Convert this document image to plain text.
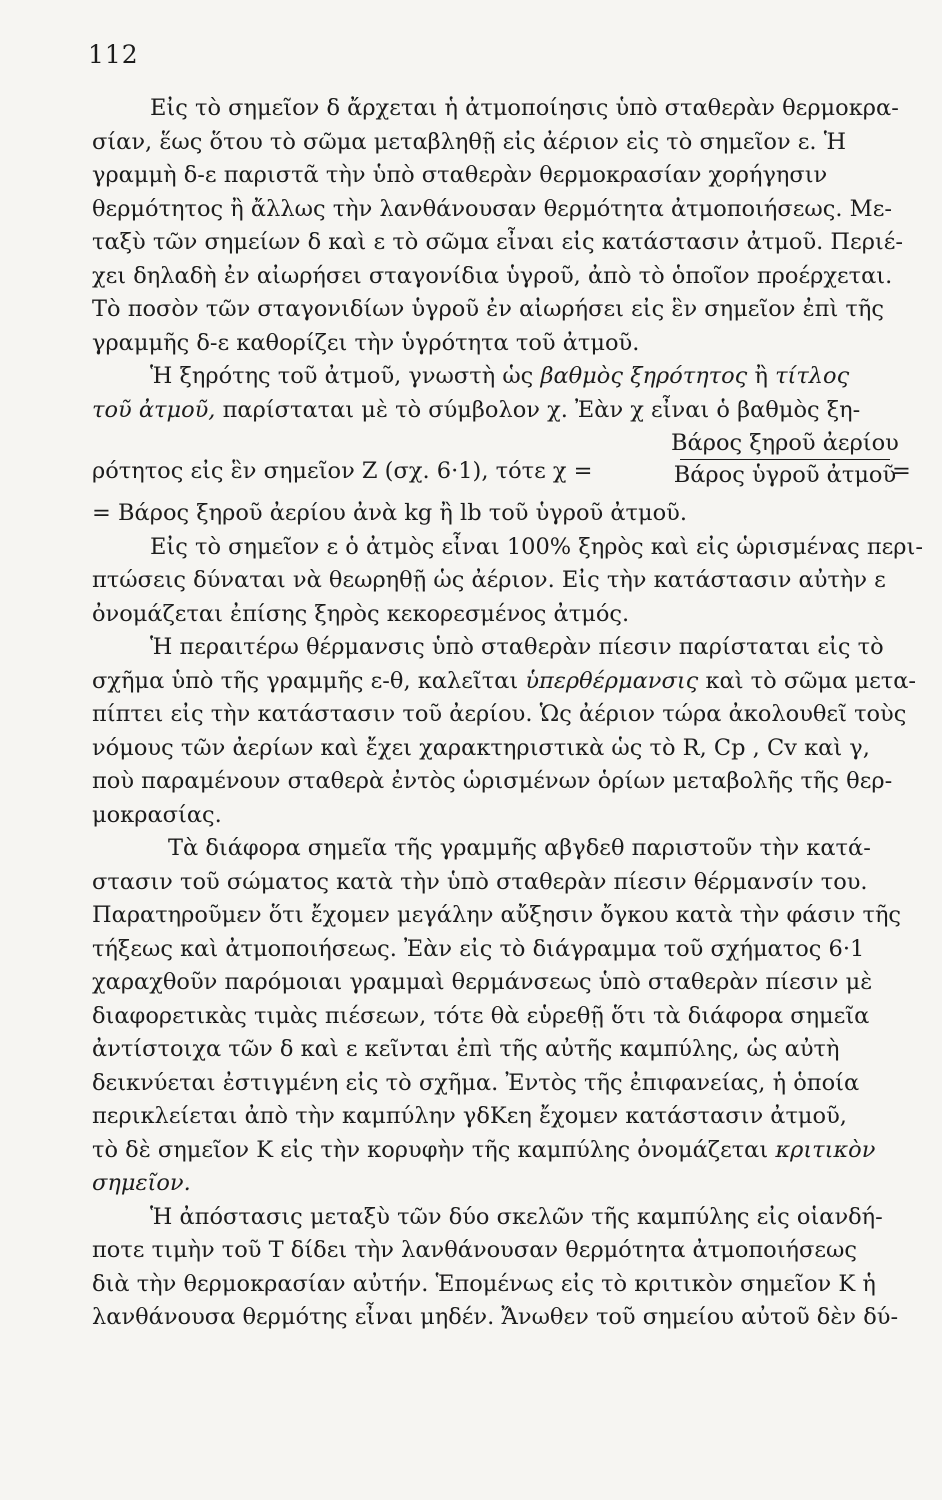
112
Εἰς τὸ σημεῖον δ ἄρχεται ἡ ἀτμοποίησις ὑπὸ σταθερὰν θερμοκρα-
σίαν, ἕως ὅτου τὸ σῶμα μεταβληθῇ εἰς ἀέριον εἰς τὸ σημεῖον ε. Ἡ
γραμμὴ δ-ε παριστᾶ τὴν ὑπὸ σταθερὰν θερμοκρασίαν χορήγησιν
θερμότητος ἢ ἄλλως τὴν λανθάνουσαν θερμότητα ἀτμοποιήσεως. Με-
ταξὺ τῶν σημείων δ καὶ ε τὸ σῶμα εἶναι εἰς κατάστασιν ἀτμοῦ. Περιέ-
χει δηλαδὴ ἐν αἰωρήσει σταγονίδια ὑγροῦ, ἀπὸ τὸ ὁποῖον προέρχεται.
Τὸ ποσὸν τῶν σταγονιδίων ὑγροῦ ἐν αἰωρήσει εἰς ἓν σημεῖον ἐπὶ τῆς
γραμμῆς δ-ε καθορίζει τὴν ὑγρότητα τοῦ ἀτμοῦ.
Ἡ ξηρότης τοῦ ἀτμοῦ, γνωστὴ ὡς βαθμὸς ξηρότητος ἢ τίτλος
τοῦ ἀτμοῦ, παρίσταται μὲ τὸ σύμβολον χ. Ἐὰν χ εἶναι ὁ βαθμὸς ξη-
ρότητος εἰς ἓν σημεῖον Ζ (σχ. 6·1), τότε χ =
Βάρος ξηροῦ ἀερίου
Βάρος ὑγροῦ ἀτμοῦ
=
= Βάρος ξηροῦ ἀερίου ἀνὰ kg ἢ lb τοῦ ὑγροῦ ἀτμοῦ.
Εἰς τὸ σημεῖον ε ὁ ἀτμὸς εἶναι 100% ξηρὸς καὶ εἰς ὡρισμένας περι-
πτώσεις δύναται νὰ θεωρηθῇ ὡς ἀέριον. Εἰς τὴν κατάστασιν αὐτὴν ε
ὀνομάζεται ἐπίσης ξηρὸς κεκορεσμένος ἀτμός.
Ἡ περαιτέρω θέρμανσις ὑπὸ σταθερὰν πίεσιν παρίσταται εἰς τὸ
σχῆμα ὑπὸ τῆς γραμμῆς ε-θ, καλεῖται ὑπερθέρμανσις καὶ τὸ σῶμα μετα-
πίπτει εἰς τὴν κατάστασιν τοῦ ἀερίου. Ὡς ἀέριον τώρα ἀκολουθεῖ τοὺς
νόμους τῶν ἀερίων καὶ ἔχει χαρακτηριστικὰ ὡς τὸ R, Cp , Cv καὶ γ,
ποὺ παραμένουν σταθερὰ ἐντὸς ὡρισμένων ὁρίων μεταβολῆς τῆς θερ-
μοκρασίας.
Τὰ διάφορα σημεῖα τῆς γραμμῆς αβγδεθ παριστοῦν τὴν κατά-
στασιν τοῦ σώματος κατὰ τὴν ὑπὸ σταθερὰν πίεσιν θέρμανσίν του.
Παρατηροῦμεν ὅτι ἔχομεν μεγάλην αὔξησιν ὄγκου κατὰ τὴν φάσιν τῆς
τήξεως καὶ ἀτμοποιήσεως. Ἐὰν εἰς τὸ διάγραμμα τοῦ σχήματος 6·1
χαραχθοῦν παρόμοιαι γραμμαὶ θερμάνσεως ὑπὸ σταθερὰν πίεσιν μὲ
διαφορετικὰς τιμὰς πιέσεων, τότε θὰ εὑρεθῇ ὅτι τὰ διάφορα σημεῖα
ἀντίστοιχα τῶν δ καὶ ε κεῖνται ἐπὶ τῆς αὐτῆς καμπύλης, ὡς αὐτὴ
δεικνύεται ἐστιγμένη εἰς τὸ σχῆμα. Ἐντὸς τῆς ἐπιφανείας, ἡ ὁποία
περικλείεται ἀπὸ τὴν καμπύλην γδΚεη ἔχομεν κατάστασιν ἀτμοῦ,
τὸ δὲ σημεῖον Κ εἰς τὴν κορυφὴν τῆς καμπύλης ὀνομάζεται κριτικὸν
σημεῖον.
Ἡ ἀπόστασις μεταξὺ τῶν δύο σκελῶν τῆς καμπύλης εἰς οἱανδή-
ποτε τιμὴν τοῦ Τ δίδει τὴν λανθάνουσαν θερμότητα ἀτμοποιήσεως
διὰ τὴν θερμοκρασίαν αὐτήν. Ἑπομένως εἰς τὸ κριτικὸν σημεῖον Κ ἡ
λανθάνουσα θερμότης εἶναι μηδέν. Ἄνωθεν τοῦ σημείου αὐτοῦ δὲν δύ-
